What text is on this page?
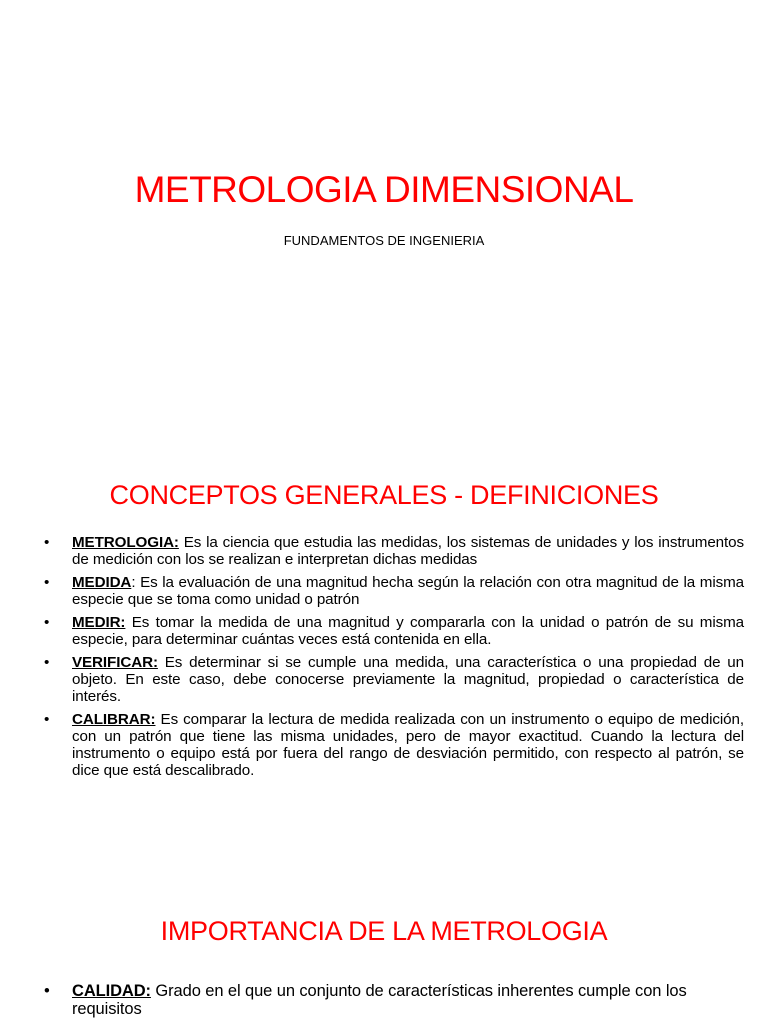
METROLOGIA DIMENSIONAL
FUNDAMENTOS DE INGENIERIA
CONCEPTOS GENERALES - DEFINICIONES
•	METROLOGIA: Es la ciencia que estudia las medidas, los sistemas de unidades y los instrumentos de medición con los se realizan e interpretan dichas medidas
•	MEDIDA: Es la evaluación de una magnitud hecha según la relación con otra magnitud de la misma especie que se toma como unidad o patrón
•	MEDIR: Es tomar la medida de una magnitud y compararla con la unidad o patrón de su misma especie, para determinar cuántas veces está contenida en ella.
•	VERIFICAR: Es determinar si se cumple una medida, una característica o una propiedad de un objeto. En este caso, debe conocerse previamente la magnitud, propiedad o característica de interés.
•	CALIBRAR: Es comparar la lectura de medida realizada con un instrumento o equipo de medición, con un patrón que tiene las misma unidades, pero de mayor exactitud. Cuando la lectura del instrumento o equipo está por fuera del rango de desviación permitido, con respecto al patrón, se dice que está descalibrado.
IMPORTANCIA DE LA METROLOGIA
•	CALIDAD: Grado en el que un conjunto de características inherentes cumple con los requisitos
